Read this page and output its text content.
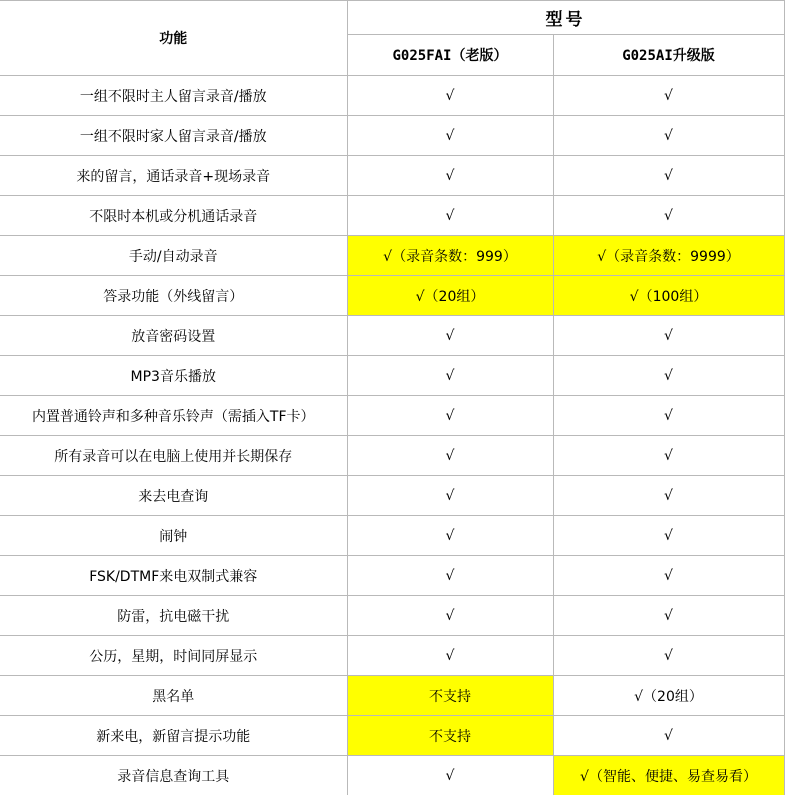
功能	型号	
	G025FAI（老版）	G025AI升级版
一组不限时主人留言录音/播放	√	√
一组不限时家人留言录音/播放	√	√
来的留言，通话录音+现场录音	√	√
不限时本机或分机通话录音	√	√
手动/自动录音	√（录音条数：999）	√（录音条数：9999）
答录功能（外线留言）	√（20组）	√（100组）
放音密码设置	√	√
MP3音乐播放	√	√
内置普通铃声和多种音乐铃声（需插入TF卡）	√	√
所有录音可以在电脑上使用并长期保存	√	√
来去电查询	√	√
闹钟	√	√
FSK/DTMF来电双制式兼容	√	√
防雷，抗电磁干扰	√	√
公历，星期，时间同屏显示	√	√
黑名单	不支持	√（20组）
新来电，新留言提示功能	不支持	√
录音信息查询工具	√	√（智能、便捷、易查易看）
